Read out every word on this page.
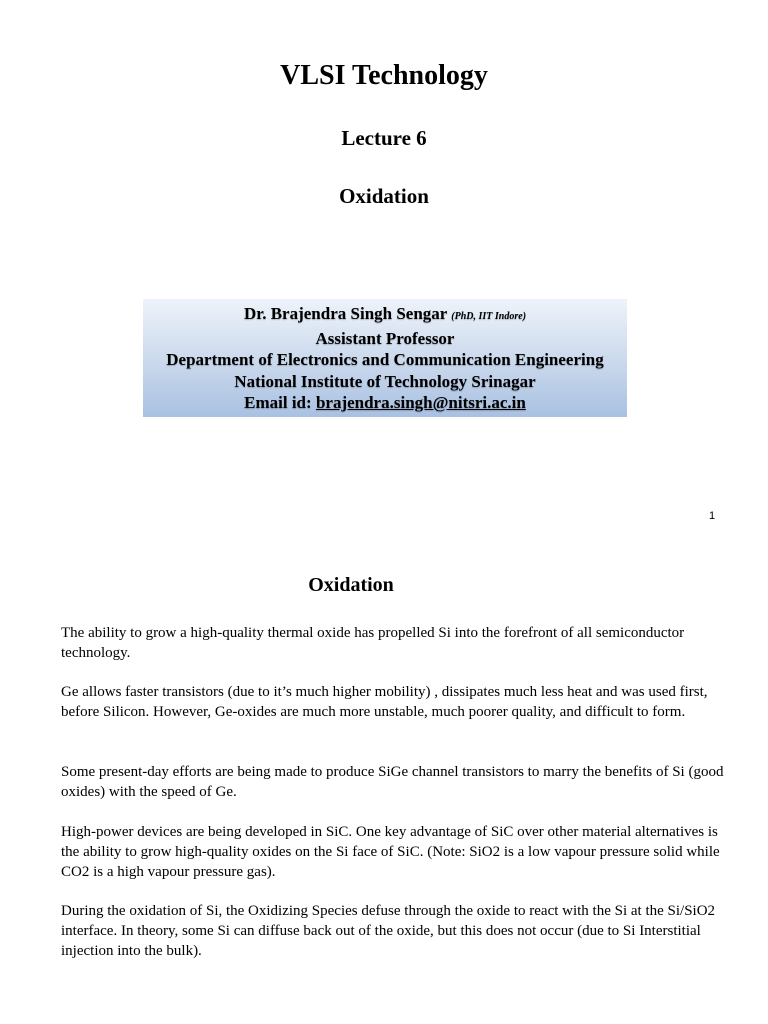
VLSI Technology
Lecture 6
Oxidation
Dr. Brajendra Singh Sengar (PhD, IIT Indore)
Assistant Professor
Department of Electronics and Communication Engineering
National Institute of Technology Srinagar
Email id: brajendra.singh@nitsri.ac.in
1
Oxidation
The ability to grow a high-quality thermal oxide has propelled Si into the forefront of all semiconductor technology.
Ge allows faster transistors (due to it’s much higher mobility) , dissipates much less heat and was used first, before Silicon. However, Ge-oxides are much more unstable, much poorer quality, and difficult to form.
Some present-day efforts are being made to produce SiGe channel transistors to marry the benefits of Si (good oxides) with the speed of Ge.
High-power devices are being developed in SiC. One key advantage of SiC over other material alternatives is the ability to grow high-quality oxides on the Si face of SiC. (Note: SiO2 is a low vapour pressure solid while CO2 is a high vapour pressure gas).
During the oxidation of Si, the Oxidizing Species defuse through the oxide to react with the Si at the Si/SiO2 interface. In theory, some Si can diffuse back out of the oxide, but this does not occur (due to Si Interstitial injection into the bulk).
